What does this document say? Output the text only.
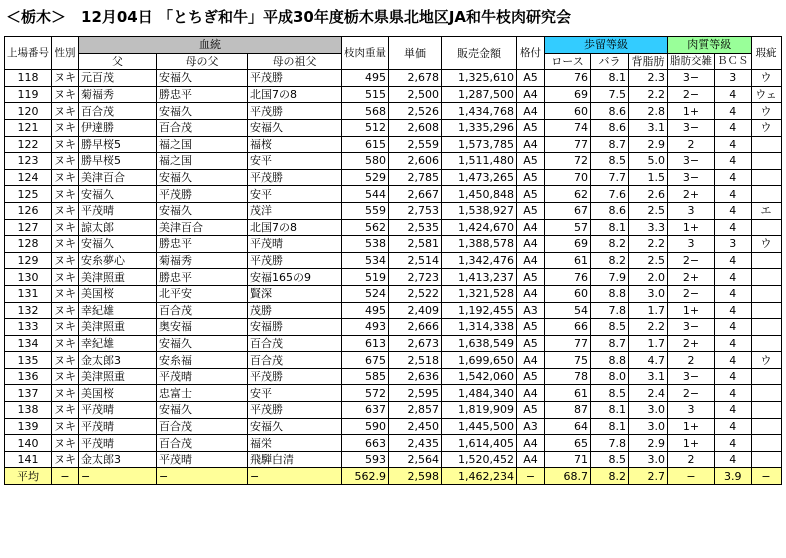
＜栃木＞　12月04日 「とちぎ和牛」平成30年度栃木県県北地区JA和牛枝肉研究会
上場番号	性別	血統			枝肉重量	単価	販売金額	格付	歩留等級			肉質等級		瑕疵
		父	母の父	母の祖父					ロース	バラ	背脂肪	脂肪交雑	ＢＣＳ	
118	ヌキ	元百茂	安福久	平茂勝	495	2,678	1,325,610	A5	76	8.1	2.3	3−	3	ウ
119	ヌキ	菊福秀	勝忠平	北国7の8	515	2,500	1,287,500	A4	69	7.5	2.2	2−	4	ウェ
120	ヌキ	百合茂	安福久	平茂勝	568	2,526	1,434,768	A4	60	8.6	2.8	1+	4	ウ
121	ヌキ	伊達勝	百合茂	安福久	512	2,608	1,335,296	A5	74	8.6	3.1	3−	4	ウ
122	ヌキ	勝早桜5	福之国	福桜	615	2,559	1,573,785	A4	77	8.7	2.9	2	4	
123	ヌキ	勝早桜5	福之国	安平	580	2,606	1,511,480	A5	72	8.5	5.0	3−	4	
124	ヌキ	美津百合	安福久	平茂勝	529	2,785	1,473,265	A5	70	7.7	1.5	3−	4	
125	ヌキ	安福久	平茂勝	安平	544	2,667	1,450,848	A5	62	7.6	2.6	2+	4	
126	ヌキ	平茂晴	安福久	茂洋	559	2,753	1,538,927	A5	67	8.6	2.5	3	4	エ
127	ヌキ	諒太郎	美津百合	北国7の8	562	2,535	1,424,670	A4	57	8.1	3.3	1+	4	
128	ヌキ	安福久	勝忠平	平茂晴	538	2,581	1,388,578	A4	69	8.2	2.2	3	3	ウ
129	ヌキ	安糸夢心	菊福秀	平茂勝	534	2,514	1,342,476	A4	61	8.2	2.5	2−	4	
130	ヌキ	美津照重	勝忠平	安福165の9	519	2,723	1,413,237	A5	76	7.9	2.0	2+	4	
131	ヌキ	美国桜	北平安	賢深	524	2,522	1,321,528	A4	60	8.8	3.0	2−	4	
132	ヌキ	幸紀雄	百合茂	茂勝	495	2,409	1,192,455	A3	54	7.8	1.7	1+	4	
133	ヌキ	美津照重	奥安福	安福勝	493	2,666	1,314,338	A5	66	8.5	2.2	3−	4	
134	ヌキ	幸紀雄	安福久	百合茂	613	2,673	1,638,549	A5	77	8.7	1.7	2+	4	
135	ヌキ	金太郎3	安糸福	百合茂	675	2,518	1,699,650	A4	75	8.8	4.7	2	4	ウ
136	ヌキ	美津照重	平茂晴	平茂勝	585	2,636	1,542,060	A5	78	8.0	3.1	3−	4	
137	ヌキ	美国桜	忠富士	安平	572	2,595	1,484,340	A4	61	8.5	2.4	2−	4	
138	ヌキ	平茂晴	安福久	平茂勝	637	2,857	1,819,909	A5	87	8.1	3.0	3	4	
139	ヌキ	平茂晴	百合茂	安福久	590	2,450	1,445,500	A3	64	8.1	3.0	1+	4	
140	ヌキ	平茂晴	百合茂	福栄	663	2,435	1,614,405	A4	65	7.8	2.9	1+	4	
141	ヌキ	金太郎3	平茂晴	飛騨白清	593	2,564	1,520,452	A4	71	8.5	3.0	2	4	
平均	−	−	−	−	562.9	2,598	1,462,234	−	68.7	8.2	2.7	−	3.9	−
